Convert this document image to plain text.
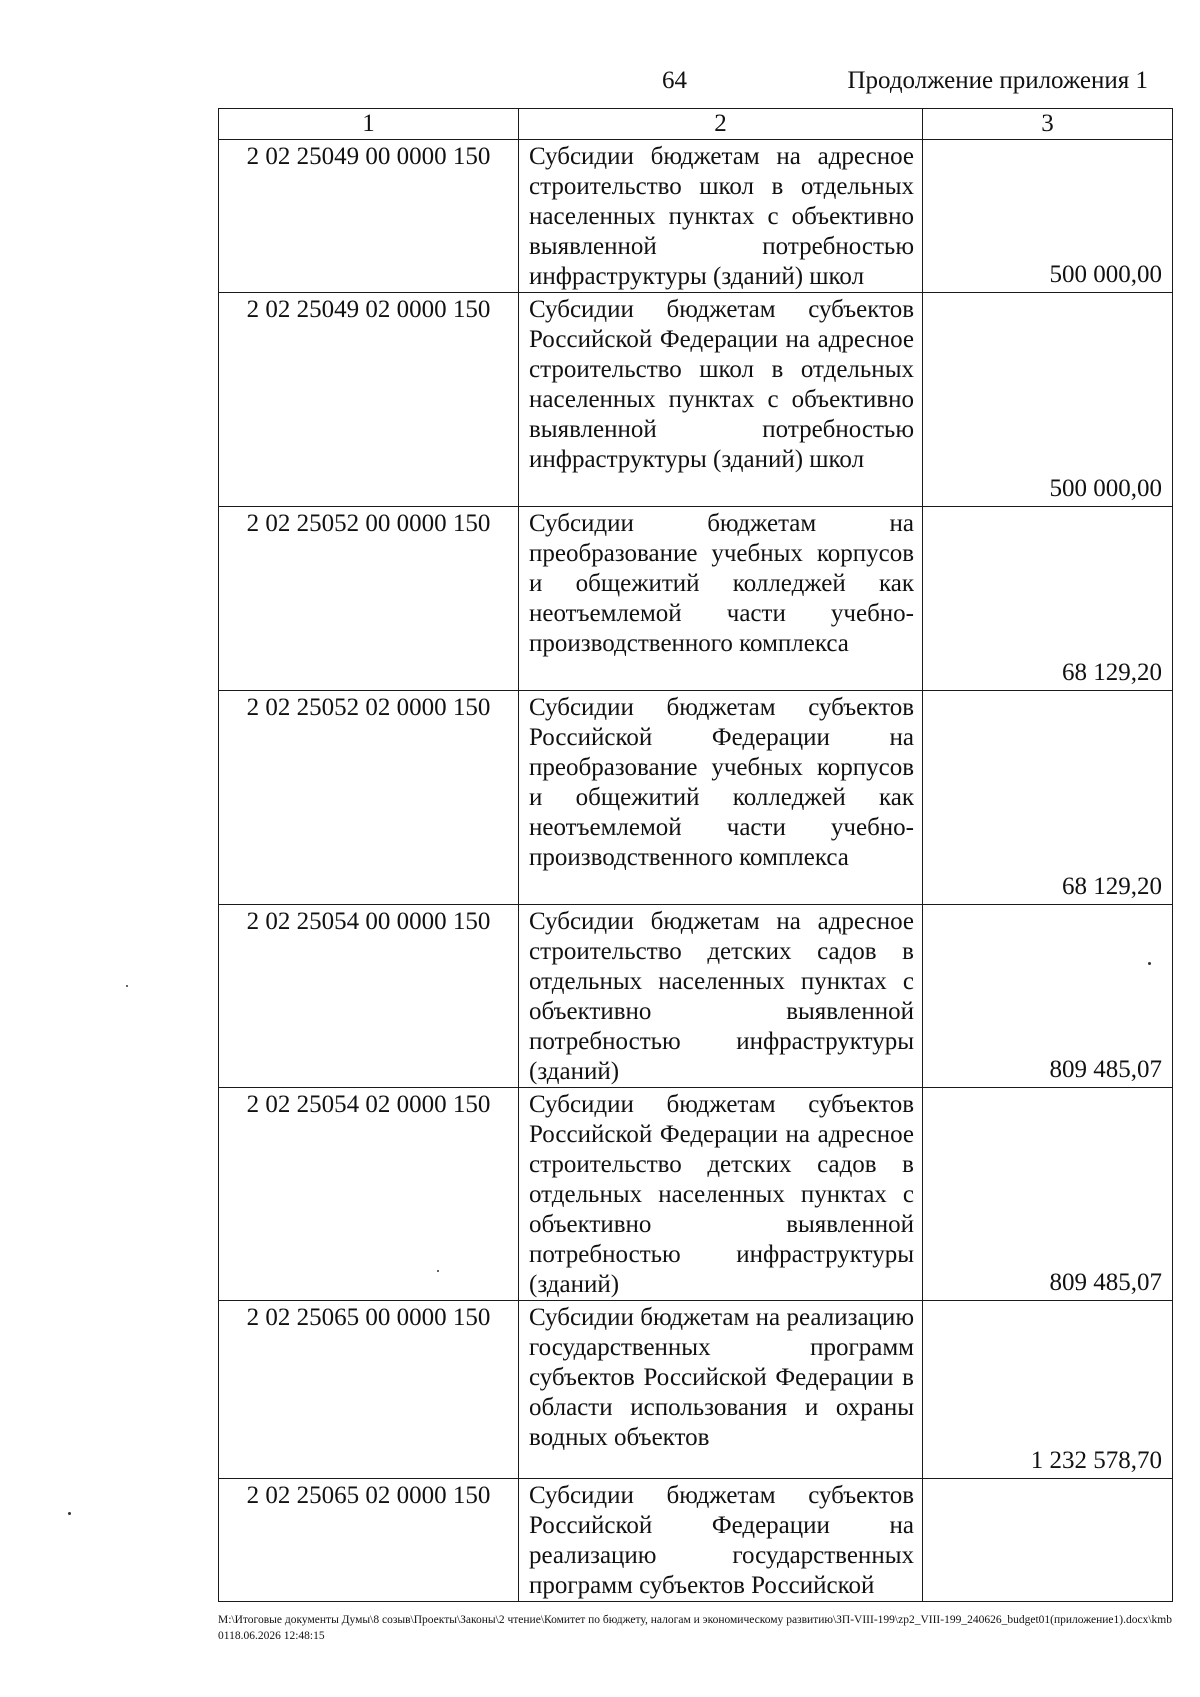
64	Продолжение приложения 1
1	2	3
2 02 25049 00 0000 150	Субсидии бюджетам на адресное строительство школ в отдельных населенных пунктах с объективно выявленной потребностью инфраструктуры (зданий) школ	500 000,00
2 02 25049 02 0000 150	Субсидии бюджетам субъектов Российской Федерации на адресное строительство школ в отдельных населенных пунктах с объективно выявленной потребностью инфраструктуры (зданий) школ	500 000,00
2 02 25052 00 0000 150	Субсидии бюджетам на преобразование учебных корпусов и общежитий колледжей как неотъемлемой части учебно-производственного комплекса	68 129,20
2 02 25052 02 0000 150	Субсидии бюджетам субъектов Российской Федерации на преобразование учебных корпусов и общежитий колледжей как неотъемлемой части учебно-производственного комплекса	68 129,20
2 02 25054 00 0000 150	Субсидии бюджетам на адресное строительство детских садов в отдельных населенных пунктах с объективно выявленной потребностью инфраструктуры (зданий)	809 485,07
2 02 25054 02 0000 150	Субсидии бюджетам субъектов Российской Федерации на адресное строительство детских садов в отдельных населенных пунктах с объективно выявленной потребностью инфраструктуры (зданий)	809 485,07
2 02 25065 00 0000 150	Субсидии бюджетам на реализацию государственных программ субъектов Российской Федерации в области использования и охраны водных объектов	1 232 578,70
2 02 25065 02 0000 150	Субсидии бюджетам субъектов Российской Федерации на реализацию государственных программ субъектов Российской	
M:\Итоговые документы Думы\8 созыв\Проекты\Законы\2 чтение\Комитет по бюджету, налогам и экономическому развитию\ЗП-VIII-199\zp2_VIII-199_240626_budget01(приложение1).docx\kmb0118.06.2026 12:48:15
